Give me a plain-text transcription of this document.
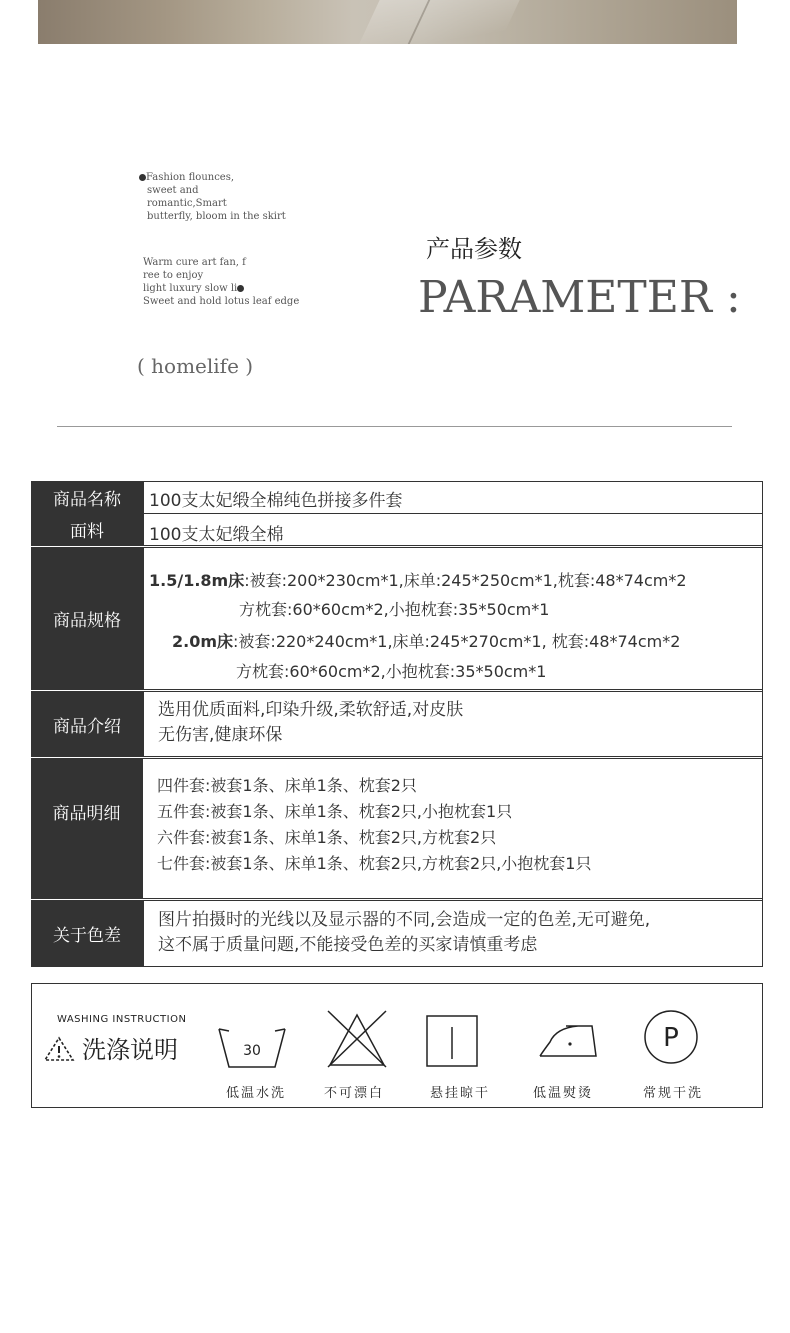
Fashion flounces,
sweet and
romantic,Smart
butterfly, bloom in the skirt
Warm cure art fan, f
ree to enjoy
light luxury slow li
Sweet and hold lotus leaf edge
( homelife )
产品参数
PARAMETER :
商品名称	100支太妃缎全棉纯色拼接多件套
面料	100支太妃缎全棉
商品规格
1.5/1.8m床:被套:200*230cm*1,床单:245*250cm*1,枕套:48*74cm*2
方枕套:60*60cm*2,小抱枕套:35*50cm*1
2.0m床:被套:220*240cm*1,床单:245*270cm*1, 枕套:48*74cm*2
方枕套:60*60cm*2,小抱枕套:35*50cm*1
商品介绍
选用优质面料,印染升级,柔软舒适,对皮肤
无伤害,健康环保
商品明细
四件套:被套1条、床单1条、枕套2只
五件套:被套1条、床单1条、枕套2只,小抱枕套1只
六件套:被套1条、床单1条、枕套2只,方枕套2只
七件套:被套1条、床单1条、枕套2只,方枕套2只,小抱枕套1只
关于色差
图片拍摄时的光线以及显示器的不同,会造成一定的色差,无可避免,
这不属于质量问题,不能接受色差的买家请慎重考虑
WASHING INSTRUCTION
洗涤说明	30
低温水洗	不可漂白	悬挂晾干	低温熨烫
P
常规干洗
